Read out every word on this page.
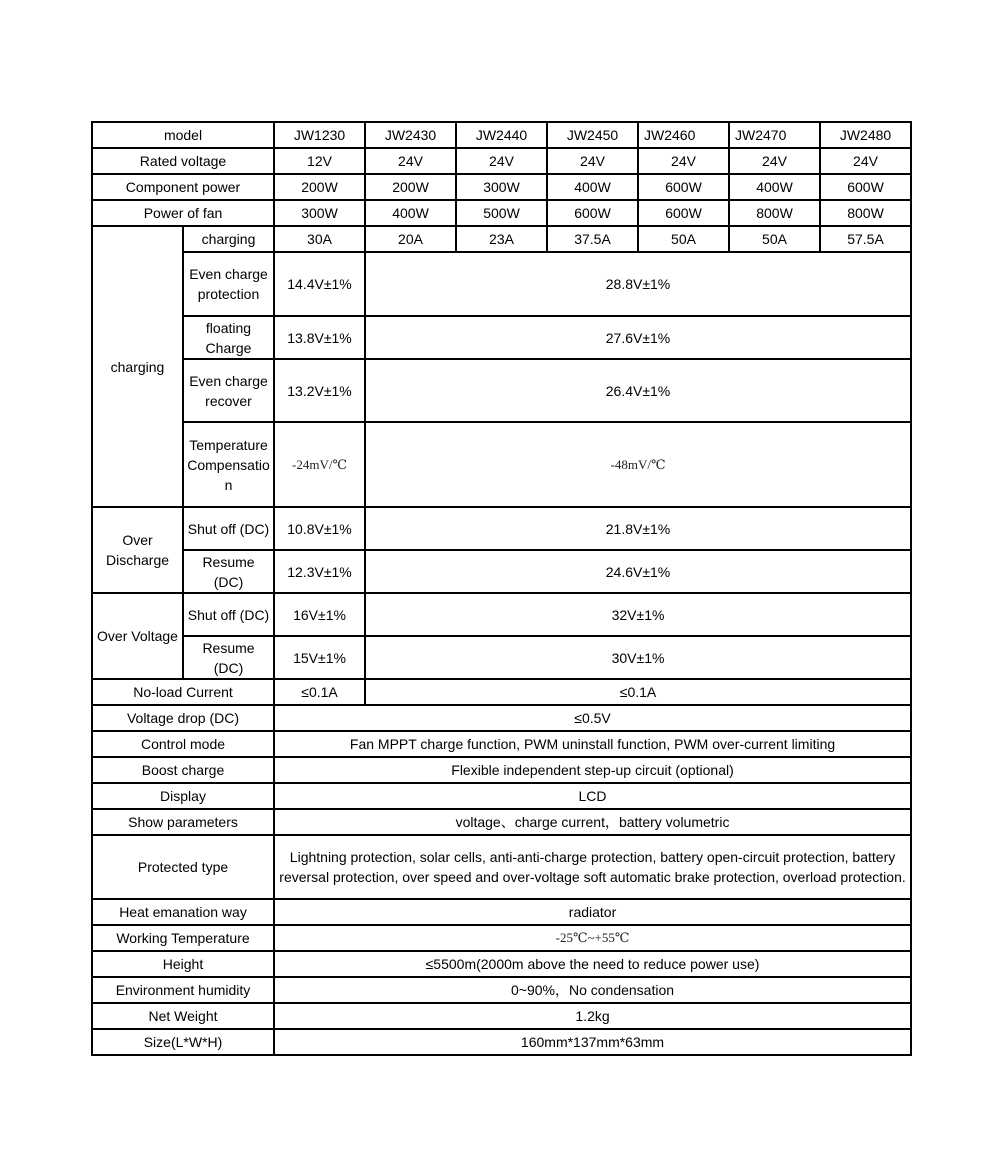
model		JW1230	JW2430	JW2440	JW2450	JW2460	JW2470	JW2480
Rated voltage		12V	24V	24V	24V	24V	24V	24V
Component power		200W	200W	300W	400W	600W	400W	600W
Power of fan		300W	400W	500W	600W	600W	800W	800W
charging	charging	30A	20A	23A	37.5A	50A	50A	57.5A
	Even charge protection	14.4V±1%	28.8V±1%					
	floating Charge	13.8V±1%	27.6V±1%					
	Even charge recover	13.2V±1%	26.4V±1%					
	Temperature Compensation	-24mV/℃	-48mV/℃					
Over Discharge	Shut off (DC)	10.8V±1%	21.8V±1%					
	Resume (DC)	12.3V±1%	24.6V±1%					
Over Voltage	Shut off (DC)	16V±1%	32V±1%					
	Resume (DC)	15V±1%	30V±1%					
No-load Current		≤0.1A	≤0.1A					
Voltage drop (DC)		≤0.5V						
Control mode		Fan MPPT charge function, PWM uninstall function, PWM over-current limiting						
Boost charge		Flexible independent step-up circuit (optional)						
Display		LCD						
Show parameters		voltage、charge current，battery volumetric						
Protected type		Lightning protection, solar cells, anti-anti-charge protection, battery open-circuit protection, battery reversal protection, over speed and over-voltage soft automatic brake protection, overload protection.						
Heat emanation way		radiator						
Working Temperature		-25℃~+55℃						
Height		≤5500m(2000m above the need to reduce power use)						
Environment humidity		0~90%，No condensation						
Net Weight		1.2kg						
Size(L*W*H)		160mm*137mm*63mm						
